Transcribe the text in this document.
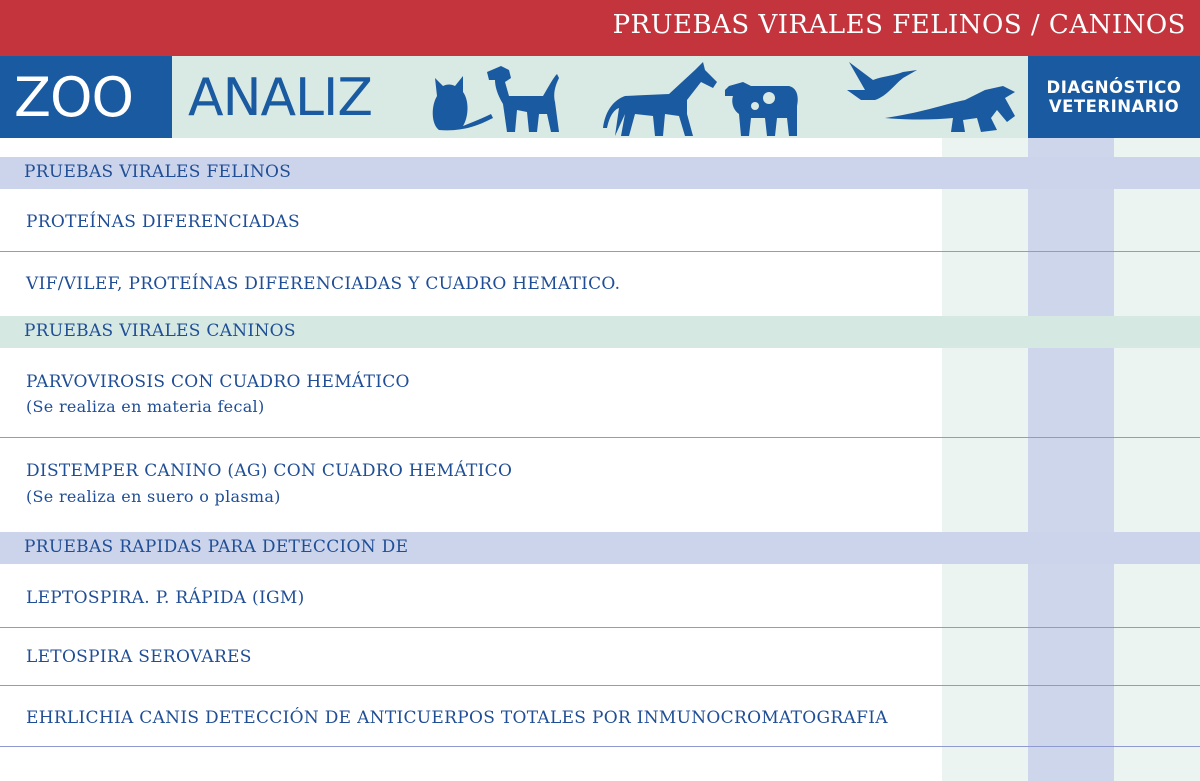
PRUEBAS VIRALES FELINOS / CANINOS
ZOO ANALIZ	DIAGNÓSTICO
VETERINARIO
PRUEBAS VIRALES FELINOS
PROTEÍNAS DIFERENCIADAS
VIF/VILEF, PROTEÍNAS DIFERENCIADAS Y CUADRO HEMATICO.
PRUEBAS VIRALES CANINOS
PARVOVIROSIS CON CUADRO HEMÁTICO
(Se realiza en materia fecal)
DISTEMPER CANINO (AG) CON CUADRO HEMÁTICO
(Se realiza en suero o plasma)
PRUEBAS RAPIDAS PARA DETECCION DE
LEPTOSPIRA. P. RÁPIDA (IGM)
LETOSPIRA SEROVARES
EHRLICHIA CANIS DETECCIÓN DE ANTICUERPOS TOTALES POR INMUNOCROMATOGRAFIA
